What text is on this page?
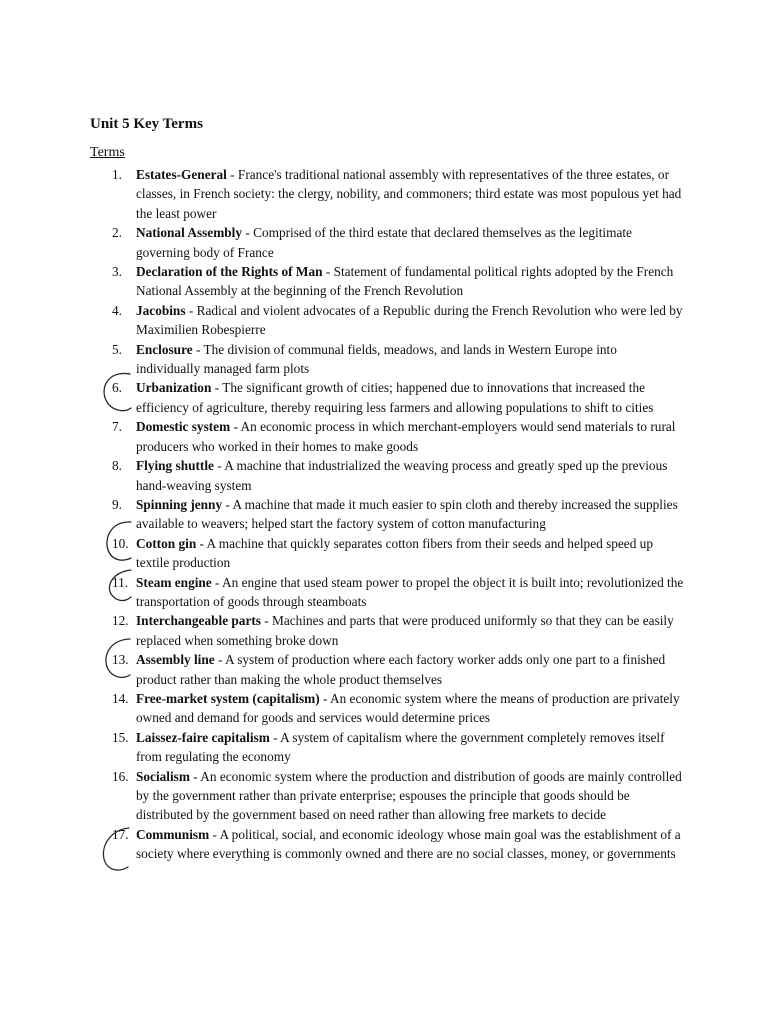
Unit 5 Key Terms
Terms
1.	Estates-General - France's traditional national assembly with representatives of the three estates, or classes, in French society: the clergy, nobility, and commoners; third estate was most populous yet had the least power
2.	National Assembly - Comprised of the third estate that declared themselves as the legitimate governing body of France
3.	Declaration of the Rights of Man - Statement of fundamental political rights adopted by the French National Assembly at the beginning of the French Revolution
4.	Jacobins - Radical and violent advocates of a Republic during the French Revolution who were led by Maximilien Robespierre
5.	Enclosure - The division of communal fields, meadows, and lands in Western Europe into individually managed farm plots
6.	Urbanization - The significant growth of cities; happened due to innovations that increased the efficiency of agriculture, thereby requiring less farmers and allowing populations to shift to cities
7.	Domestic system - An economic process in which merchant-employers would send materials to rural producers who worked in their homes to make goods
8.	Flying shuttle - A machine that industrialized the weaving process and greatly sped up the previous hand-weaving system
9.	Spinning jenny - A machine that made it much easier to spin cloth and thereby increased the supplies available to weavers; helped start the factory system of cotton manufacturing
10. Cotton gin - A machine that quickly separates cotton fibers from their seeds and helped speed up textile production
11. Steam engine - An engine that used steam power to propel the object it is built into; revolutionized the transportation of goods through steamboats
12. Interchangeable parts - Machines and parts that were produced uniformly so that they can be easily replaced when something broke down
13. Assembly line - A system of production where each factory worker adds only one part to a finished product rather than making the whole product themselves
14. Free-market system (capitalism) - An economic system where the means of production are privately owned and demand for goods and services would determine prices
15. Laissez-faire capitalism - A system of capitalism where the government completely removes itself from regulating the economy
16. Socialism - An economic system where the production and distribution of goods are mainly controlled by the government rather than private enterprise; espouses the principle that goods should be distributed by the government based on need rather than allowing free markets to decide
17. Communism - A political, social, and economic ideology whose main goal was the establishment of a society where everything is commonly owned and there are no social classes, money, or governments
